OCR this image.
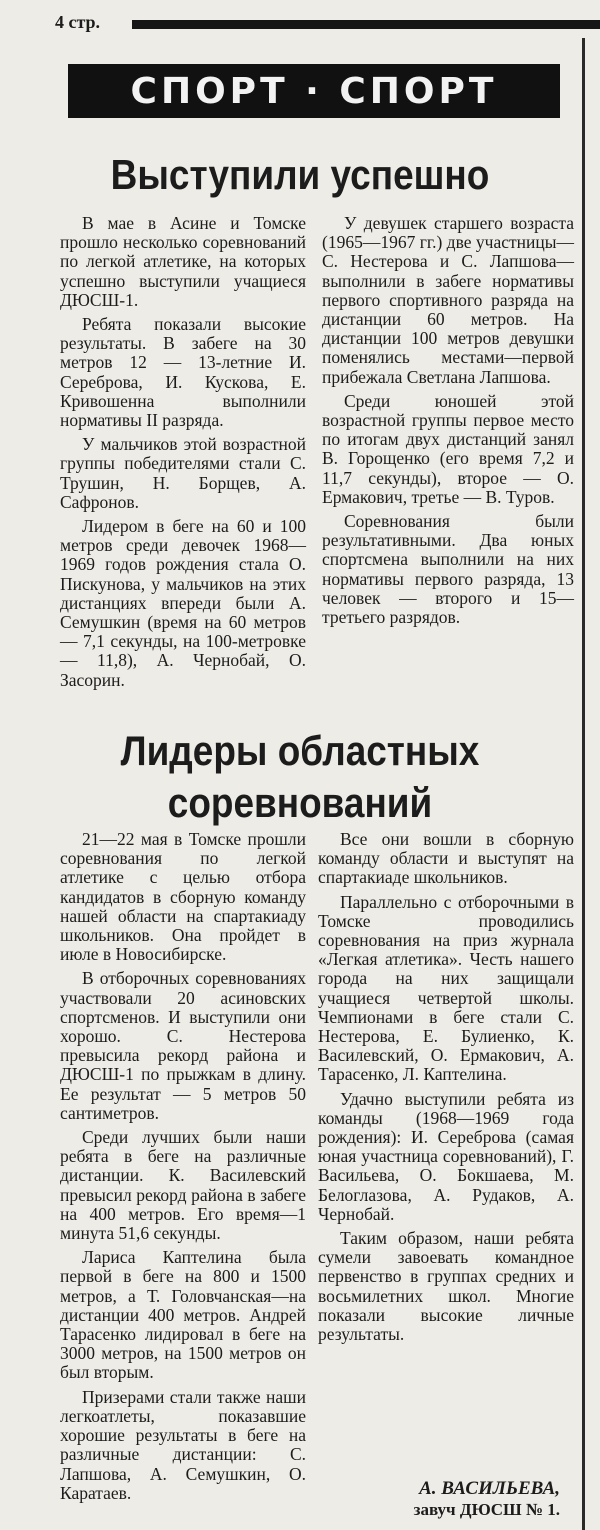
4 стр.
СПОРТ · СПОРТ
Выступили успешно

В мае в Асине и Томске прошло несколько соревнований по легкой атлетике, на которых успешно выступили учащиеся ДЮСШ-1.

Ребята показали высокие результаты. В забеге на 30 метров 12 — 13-летние И. Сереброва, И. Кускова, Е. Кривошенна выполнили нормативы II разряда.

У мальчиков этой возрастной группы победителями стали С. Трушин, Н. Борщев, А. Сафронов.

Лидером в беге на 60 и 100 метров среди девочек 1968—1969 годов рождения стала О. Пискунова, у мальчиков на этих дистанциях впереди были А. Семушкин (время на 60 метров — 7,1 секунды, на 100-метровке — 11,8), А. Чернобай, О. Засорин.

У девушек старшего возраста (1965—1967 гг.) две участницы—С. Нестерова и С. Лапшова—выполнили в забеге нормативы первого спортивного разряда на дистанции 60 метров. На дистанции 100 метров девушки поменялись местами—первой прибежала Светлана Лапшова.

Среди юношей этой возрастной группы первое место по итогам двух дистанций занял В. Горощенко (его время 7,2 и 11,7 секунды), второе — О. Ермакович, третье — В. Туров.

Соревнования были результативными. Два юных спортсмена выполнили на них нормативы первого разряда, 13 человек — второго и 15—третьего разрядов.

Лидеры областных
соревнований

21—22 мая в Томске прошли соревнования по легкой атлетике с целью отбора кандидатов в сборную команду нашей области на спартакиаду школьников. Она пройдет в июле в Новосибирске.

В отборочных соревнованиях участвовали 20 асиновских спортсменов. И выступили они хорошо. С. Нестерова превысила рекорд района и ДЮСШ-1 по прыжкам в длину. Ее результат — 5 метров 50 сантиметров.

Среди лучших были наши ребята в беге на различные дистанции. К. Василевский превысил рекорд района в забеге на 400 метров. Его время—1 минута 51,6 секунды.

Лариса Каптелина была первой в беге на 800 и 1500 метров, а Т. Головчанская—на дистанции 400 метров. Андрей Тарасенко лидировал в беге на 3000 метров, на 1500 метров он был вторым.

Призерами стали также наши легкоатлеты, показавшие хорошие результаты в беге на различные дистанции: С. Лапшова, А. Семушкин, О. Каратаев.

Все они вошли в сборную команду области и выступят на спартакиаде школьников.

Параллельно с отборочными в Томске проводились соревнования на приз журнала «Легкая атлетика». Честь нашего города на них защищали учащиеся четвертой школы. Чемпионами в беге стали С. Нестерова, Е. Булиенко, К. Василевский, О. Ермакович, А. Тарасенко, Л. Каптелина.

Удачно выступили ребята из команды (1968—1969 года рождения): И. Сереброва (самая юная участница соревнований), Г. Васильева, О. Бокшаева, М. Белоглазова, А. Рудаков, А. Чернобай.

Таким образом, наши ребята сумели завоевать командное первенство в группах средних и восьмилетних школ. Многие показали высокие личные результаты.

А. ВАСИЛЬЕВА,
завуч ДЮСШ № 1.
